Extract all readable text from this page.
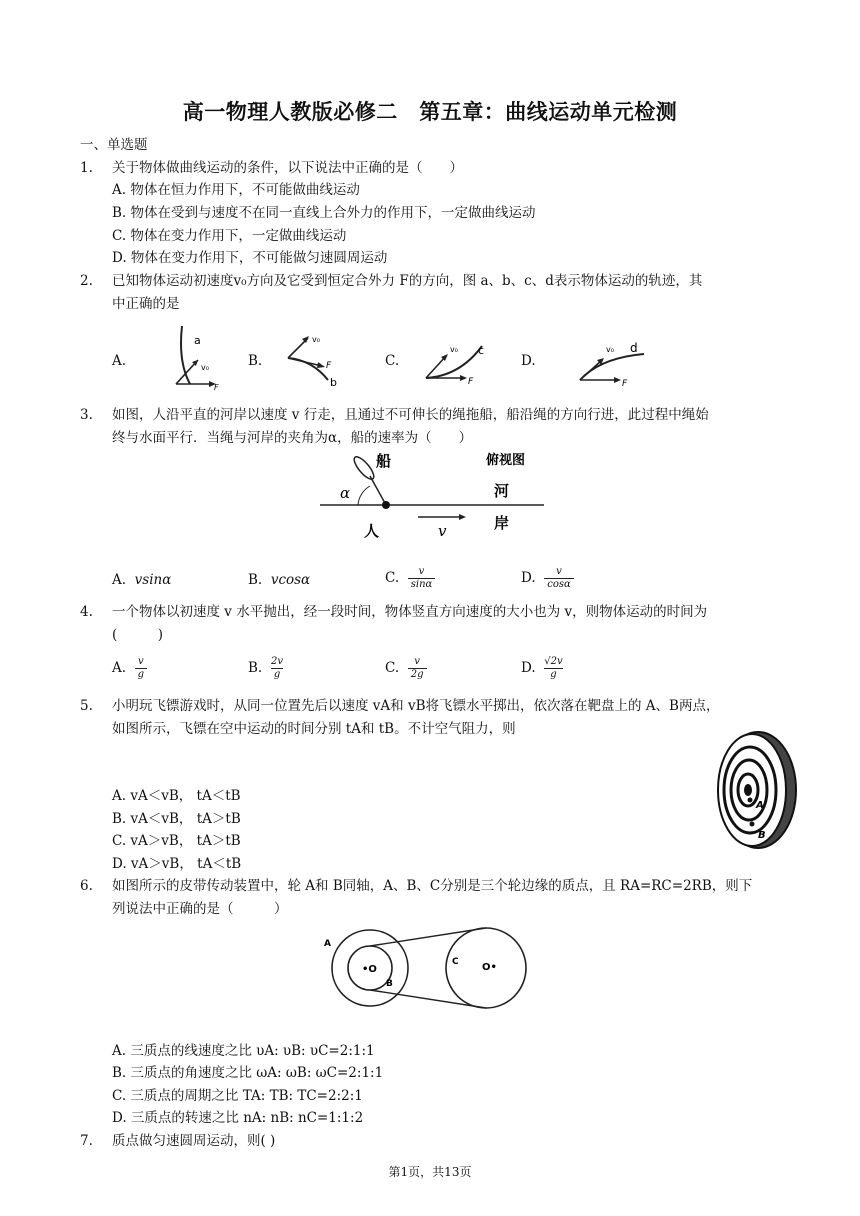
高一物理人教版必修二　第五章：曲线运动单元检测
一、单选题
1. 关于物体做曲线运动的条件，以下说法中正确的是（　　）
A. 物体在恒力作用下，不可能做曲线运动
B. 物体在受到与速度不在同一直线上合外力的作用下，一定做曲线运动
C. 物体在变力作用下，一定做曲线运动
D. 物体在变力作用下，不可能做匀速圆周运动
2. 已知物体运动初速度v₀方向及它受到恒定合外力 F的方向，图 a、b、c、d表示物体运动的轨迹，其
中正确的是
A.	B.	C.	D.
a
v₀
F
v₀
F
b
v₀ c
F
v₀ d
F
3. 如图，人沿平直的河岸以速度 v 行走，且通过不可伸长的绳拖船，船沿绳的方向行进，此过程中绳始
终与水面平行．当绳与河岸的夹角为α，船的速率为（　　）
船	俯视图
河
岸
人
α
v
A. vsinα	B. vcosα	C. $\frac{v}{\sin\alpha}$	D. $\frac{v}{\cos\alpha}$
4. 一个物体以初速度 v 水平抛出，经一段时间，物体竖直方向速度的大小也为 v，则物体运动的时间为
(　　　)
A. $\frac{v}{g}$	B. $\frac{2v}{g}$	C. $\frac{v}{2g}$	D. $\frac{√2v}{g}$
5. 小明玩飞镖游戏时，从同一位置先后以速度 vA和 vB将飞镖水平掷出，依次落在靶盘上的 A、B两点，
如图所示，飞镖在空中运动的时间分别 tA和 tB。不计空气阻力，则
A. vA＜vB， tA＜tB
B. vA＜vB， tA＞tB
C. vA＞vB， tA＞tB
D. vA＞vB， tA＜tB
A
B
6. 如图所示的皮带传动装置中，轮 A和 B同轴，A、B、C分别是三个轮边缘的质点，且 RA=RC=2RB，则下
列说法中正确的是（　　　）
A
B
C
•O	O•
A. 三质点的线速度之比 υA: υB: υC=2:1:1
B. 三质点的角速度之比 ωA: ωB: ωC=2:1:1
C. 三质点的周期之比 TA: TB: TC=2:2:1
D. 三质点的转速之比 nA: nB: nC=1:1:2
7. 质点做匀速圆周运动，则( )
第1页，共13页
